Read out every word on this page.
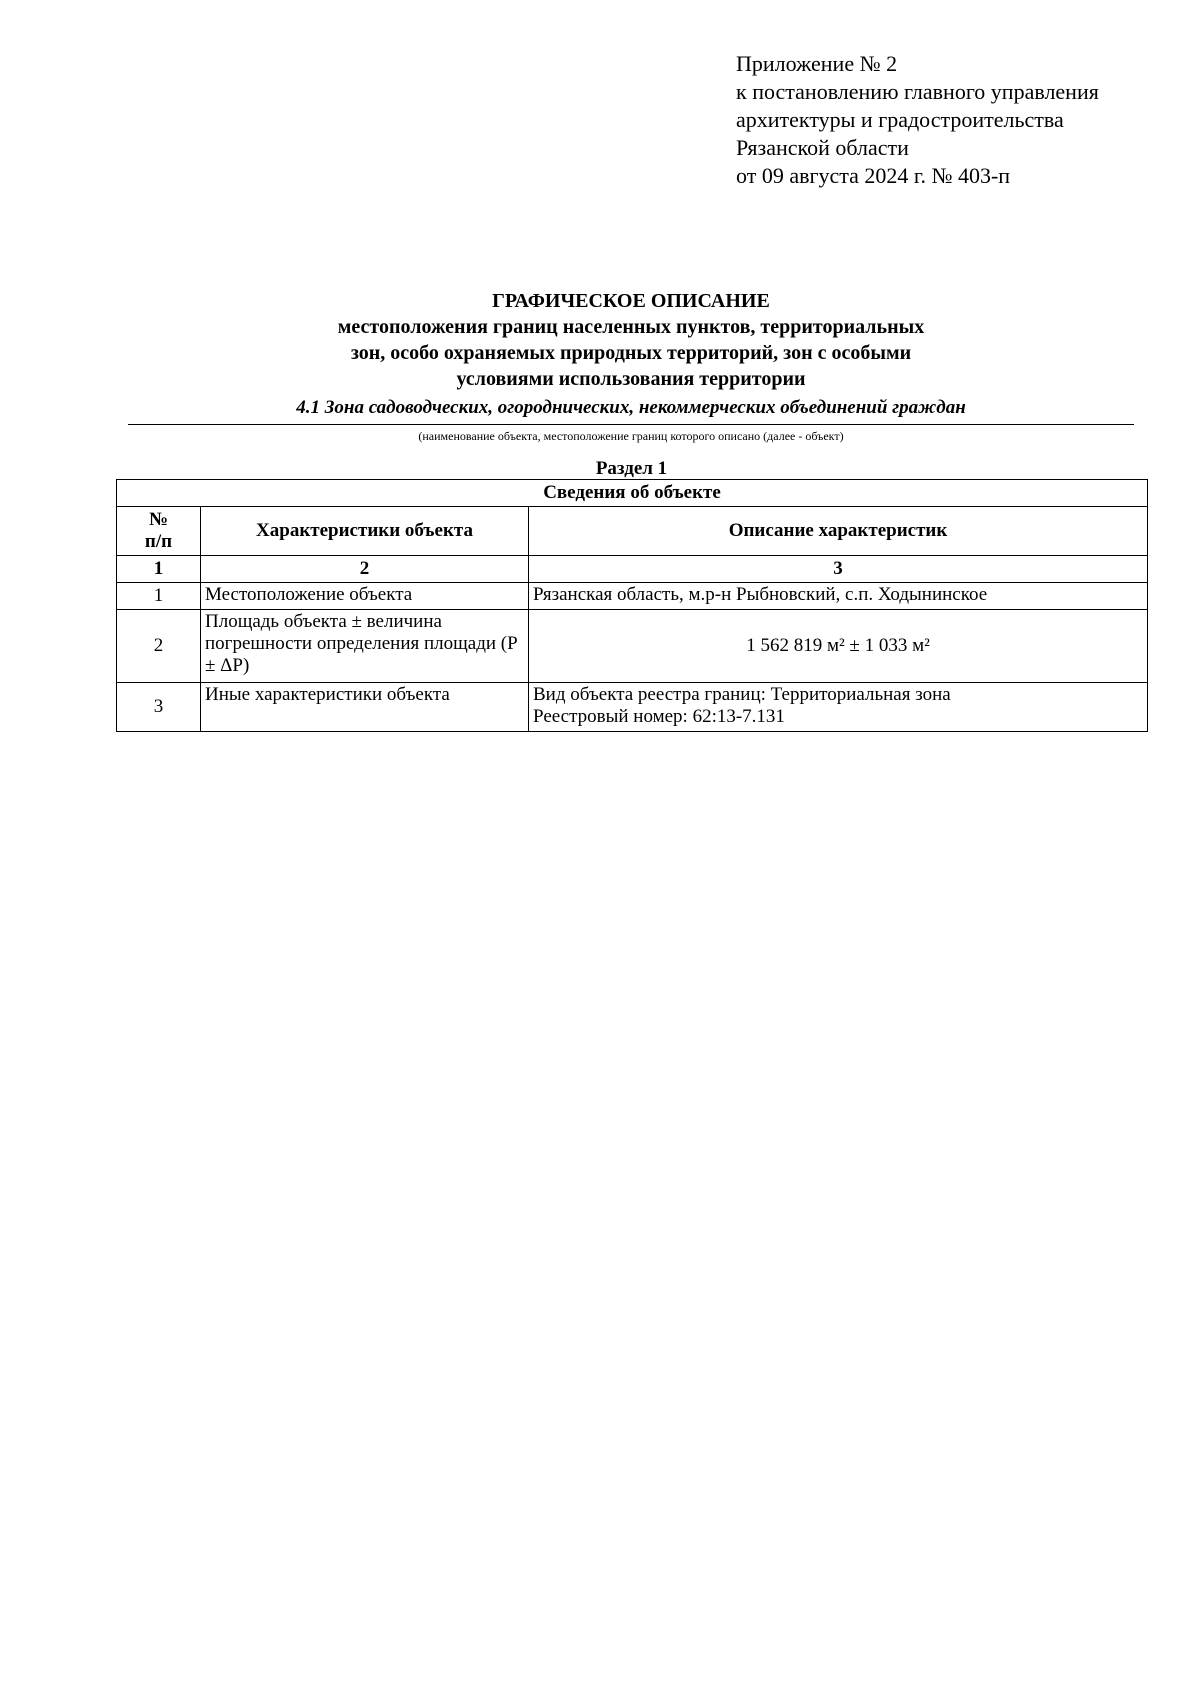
Приложение № 2
к постановлению главного управления
архитектуры и градостроительства
Рязанской области
от 09 августа 2024 г. № 403-п
ГРАФИЧЕСКОЕ ОПИСАНИЕ
местоположения границ населенных пунктов, территориальных
зон, особо охраняемых природных территорий, зон с особыми
условиями использования территории
4.1 Зона садоводческих, огороднических, некоммерческих объединений граждан
(наименование объекта, местоположение границ которого описано (далее - объект)
Раздел 1
Сведения об объекте		

№
п/п	Характеристики объекта	Описание характеристик
1	2	3
1	Местоположение объекта	Рязанская область, м.р-н Рыбновский, с.п. Ходынинское
2	Площадь объекта ± величина погрешности определения площади (P ± ΔP)	1 562 819 м² ± 1 033 м²
3	Иные характеристики объекта	Вид объекта реестра границ: Территориальная зона
Реестровый номер: 62:13-7.131
